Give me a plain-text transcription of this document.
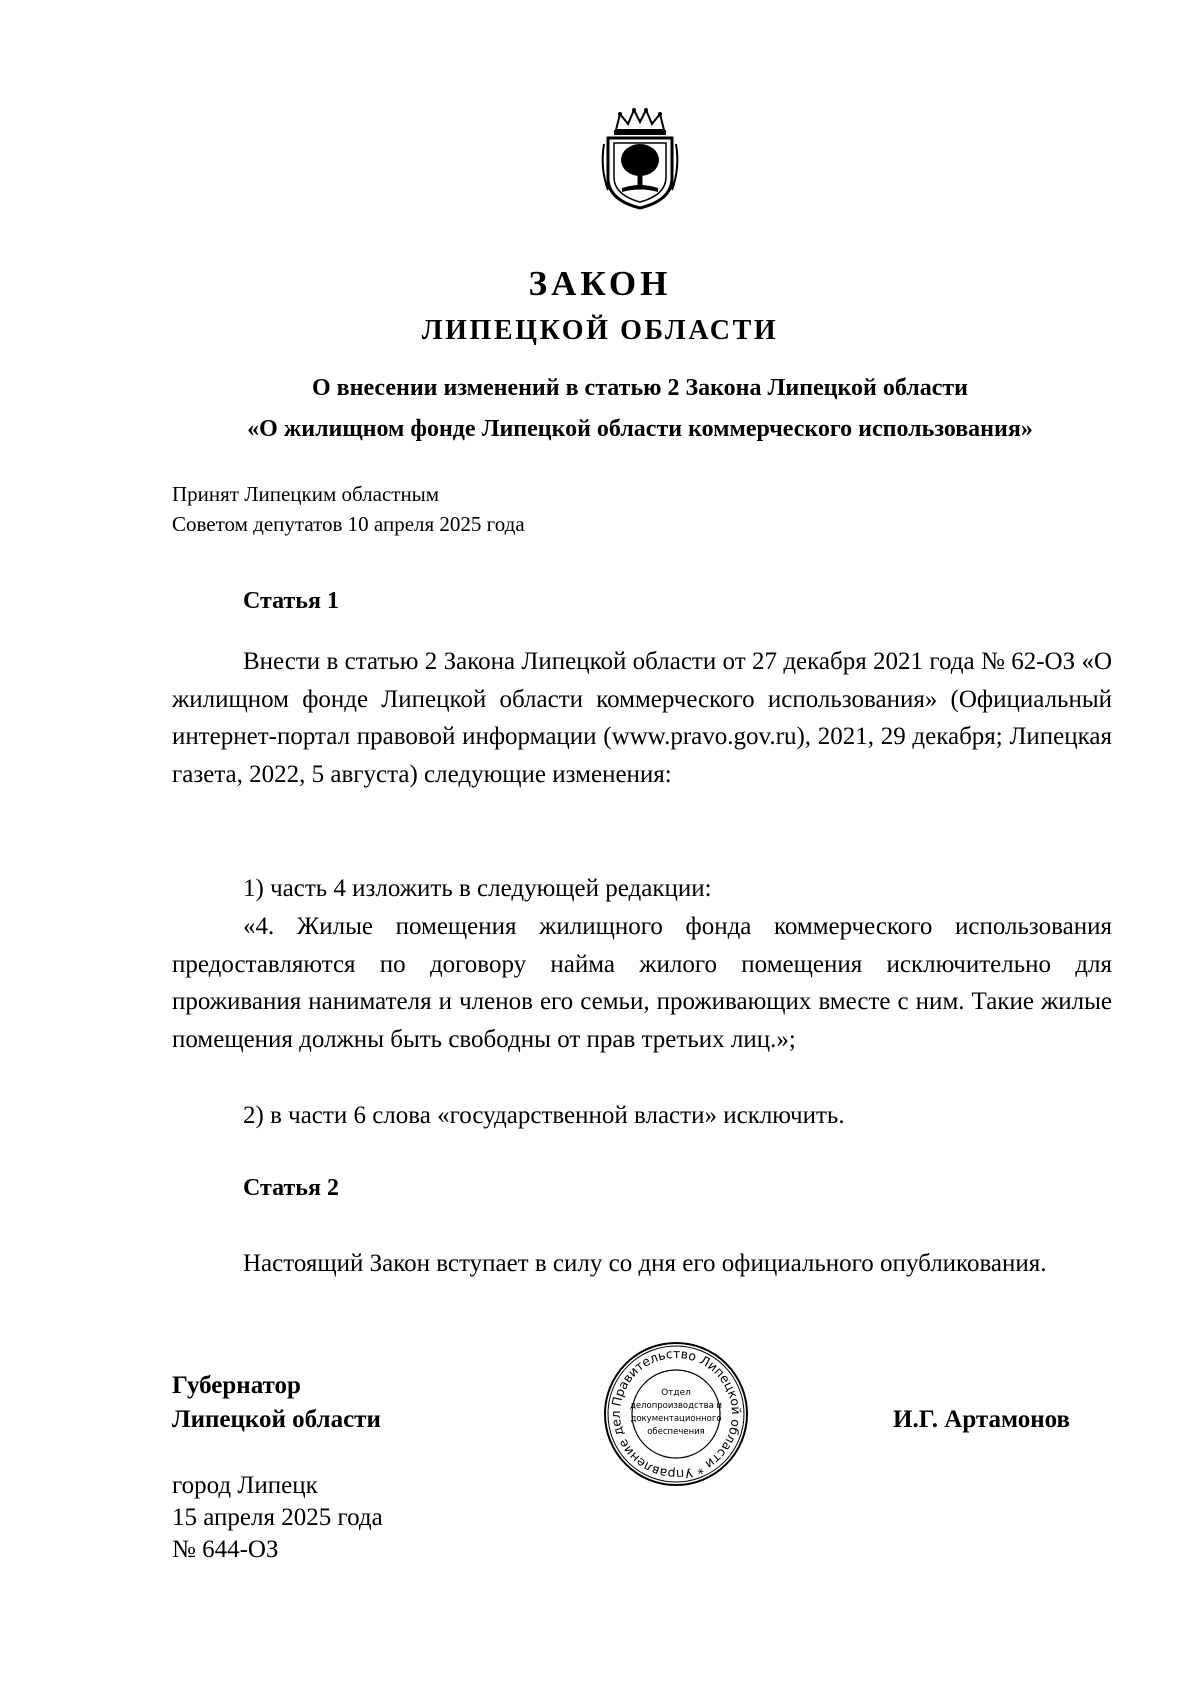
ЗАКОН
ЛИПЕЦКОЙ ОБЛАСТИ
О внесении изменений в статью 2 Закона Липецкой области
«О жилищном фонде Липецкой области коммерческого использования»
Принят Липецким областным
Советом депутатов 10 апреля 2025 года
Статья 1

Внести в статью 2 Закона Липецкой области от 27 декабря 2021 года № 62-ОЗ «О жилищном фонде Липецкой области коммерческого использования» (Официальный интернет-портал правовой информации (www.pravo.gov.ru), 2021, 29 декабря; Липецкая газета, 2022, 5 августа) следующие изменения:

1) часть 4 изложить в следующей редакции:

«4. Жилые помещения жилищного фонда коммерческого использования предоставляются по договору найма жилого помещения исключительно для проживания нанимателя и членов его семьи, проживающих вместе с ним. Такие жилые помещения должны быть свободны от прав третьих лиц.»;

2) в части 6 слова «государственной власти» исключить.

Статья 2

Настоящий Закон вступает в силу со дня его официального опубликования.

Губернатор
Липецкой области
Правительство Липецкой области * Управление дел
Отдел
делопроизводства и
документационного
обеспечения	И.Г. Артамонов
город Липецк
15 апреля 2025 года
№ 644-ОЗ
